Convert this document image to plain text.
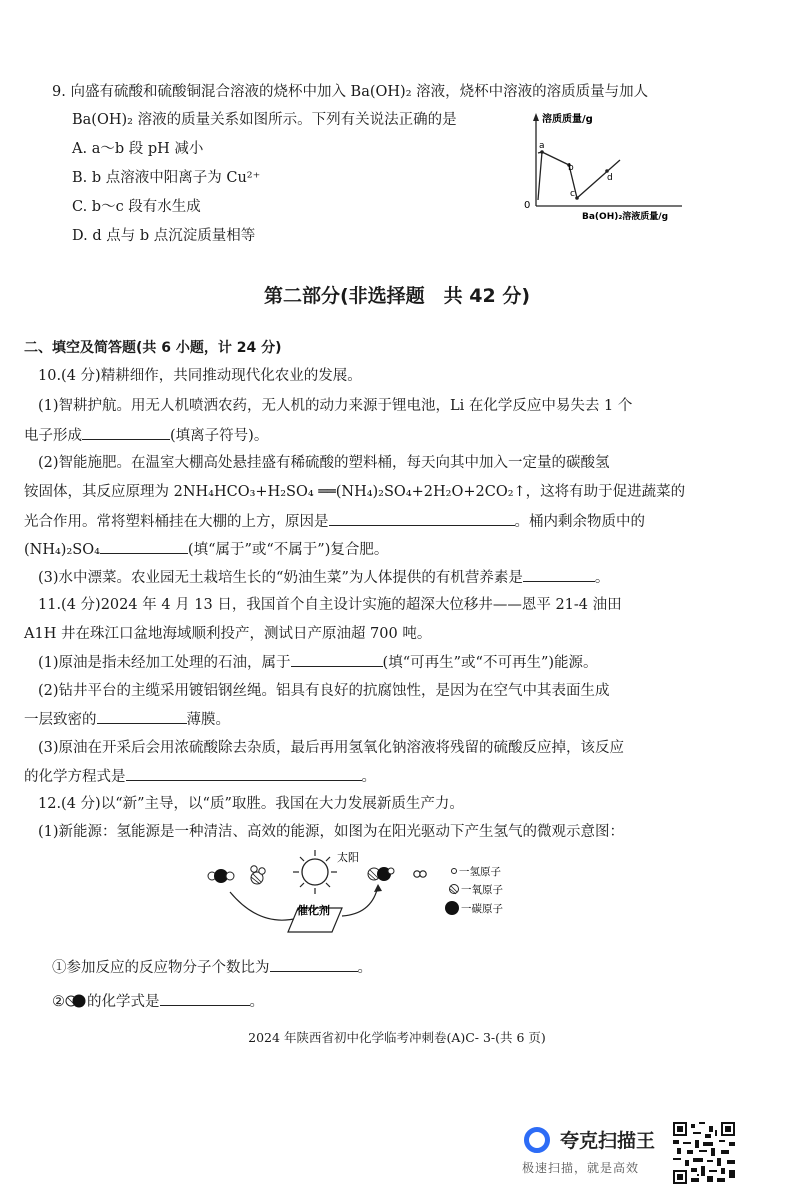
9. 向盛有硫酸和硫酸铜混合溶液的烧杯中加入 Ba(OH)₂ 溶液，烧杯中溶液的溶质质量与加人
Ba(OH)₂ 溶液的质量关系如图所示。下列有关说法正确的是
A. a～b 段 pH 减小
B. b 点溶液中阳离子为 Cu²⁺
C. b～c 段有水生成
D. d 点与 b 点沉淀质量相等
溶质质量/g
0
Ba(OH)₂溶液质量/g
a
b
c
d
第二部分(非选择题　共 42 分)
二、填空及简答题(共 6 小题，计 24 分)
10.(4 分)精耕细作，共同推动现代化农业的发展。
(1)智耕护航。用无人机喷洒农药，无人机的动力来源于锂电池，Li 在化学反应中易失去 1 个
电子形成	(填离子符号)。
(2)智能施肥。在温室大棚高处悬挂盛有稀硫酸的塑料桶，每天向其中加入一定量的碳酸氢
铵固体，其反应原理为 2NH₄HCO₃+H₂SO₄ ══(NH₄)₂SO₄+2H₂O+2CO₂↑，这将有助于促进蔬菜的
光合作用。常将塑料桶挂在大棚的上方，原因是	。桶内剩余物质中的
(NH₄)₂SO₄	(填“属于”或“不属于”)复合肥。
(3)水中漂菜。农业园无土栽培生长的“奶油生菜”为人体提供的有机营养素是	。
11.(4 分)2024 年 4 月 13 日，我国首个自主设计实施的超深大位移井——恩平 21-4 油田
A1H 井在珠江口盆地海域顺利投产，测试日产原油超 700 吨。
(1)原油是指未经加工处理的石油，属于	(填“可再生”或“不可再生”)能源。
(2)钻井平台的主缆采用镀铝钢丝绳。铝具有良好的抗腐蚀性，是因为在空气中其表面生成
一层致密的	薄膜。
(3)原油在开采后会用浓硫酸除去杂质，最后再用氢氧化钠溶液将残留的硫酸反应掉，该反应
的化学方程式是	。
12.(4 分)以“新”主导，以“质”取胜。我国在大力发展新质生产力。
(1)新能源：氢能源是一种清洁、高效的能源，如图为在阳光驱动下产生氢气的微观示意图：
太阳
催化剂
一氢原子
一氧原子
一碳原子
①参加反应的反应物分子个数比为	。
② 的化学式是	。
2024 年陕西省初中化学临考冲刺卷(A)C- 3-(共 6 页)
夸克扫描王
极速扫描，就是高效
